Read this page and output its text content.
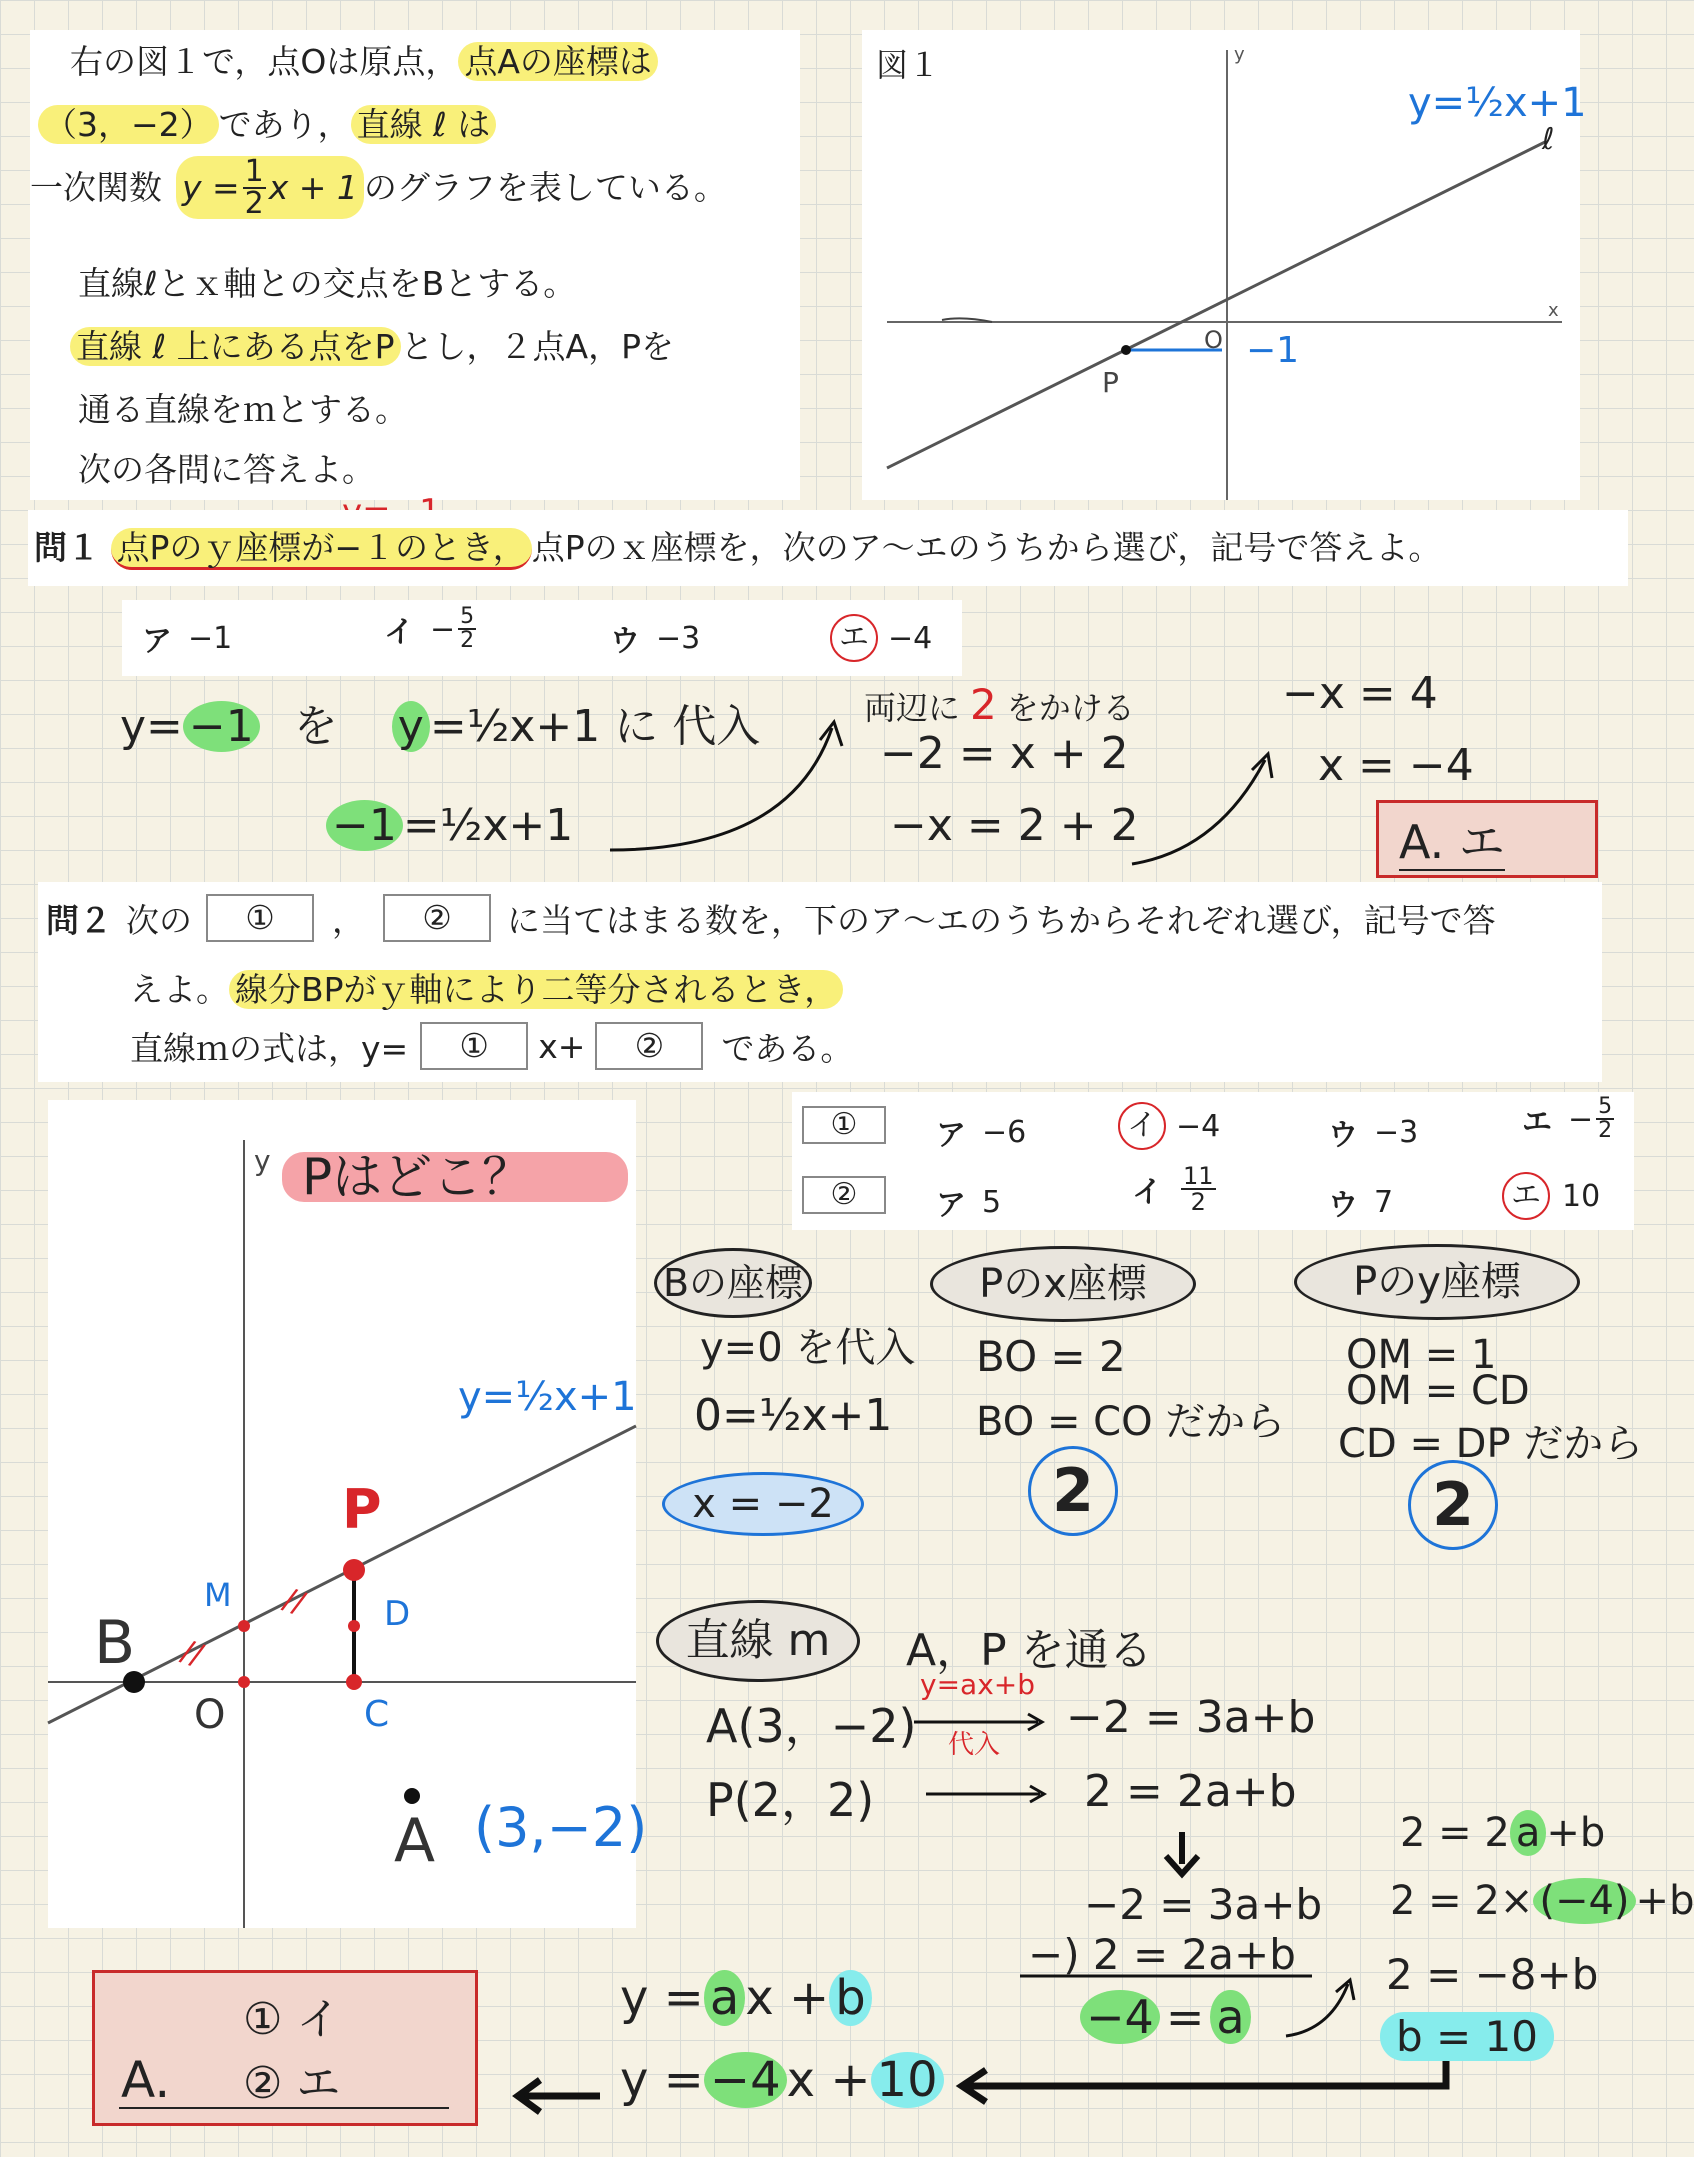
右の図１で，点Oは原点， 点Aの座標は
（3，−2） であり， 直線 ℓ は
一次関数 $y = \frac{1}{2}$ x + 1 のグラフを表している。
直線ℓとｘ軸との交点をBとする。
直線 ℓ 上にある点をP とし，２点A，Pを
通る直線をｍとする。
次の各問に答えよ。
図１	y
x
O
P
ℓ
y=½x+1
−1
問１ 点Pのｙ座標が−１のとき， 点Pのｘ座標を，次のア〜エのうちから選び，記号で答えよ。
ア −1	イ − $\frac{5}{2}$	ウ −3	エ −4
y= −1 を y =½x+1 に 代入
−1 =½x+1
両辺に 2 をかける
−2 = x + 2
−x = 2 + 2
−x = 4
x = −4
A. エ
問２ 次の	①	，	②	に当てはまる数を，下のア〜エのうちからそれぞれ選び，記号で答
えよ。 線分BPがｙ軸により二等分されるとき，
直線ｍの式は，y=	①	x+	②	である。
①	ア −6	イ −4	ウ −3	エ − $\frac{5}{2}$
②	ア 5	イ $\frac{11}{2}$	ウ 7	エ 10
y Pはどこ？
y=½x+1
P
M //
//
D
B
O	C
A (3,−2)
Bの座標
y=0 を代入
0=½x+1
x = −2
Pのx座標
BO = 2
BO = CO だから
2
Pのy座標
OM = 1
OM = CD
CD = DP だから
2
直線 m	A，P を通る
A(3，−2)
y=ax+b
代入
−2 = 3a+b
P(2，2)	2 = 2a+b
−2 = 3a+b
−) 2 = 2a+b
−4 = a
2 = 2 a +b
2 = 2× (−4) +b
2 = −8+b
b = 10
y = a x + b
y = −4 x + 10
① イ
A. ② エ
